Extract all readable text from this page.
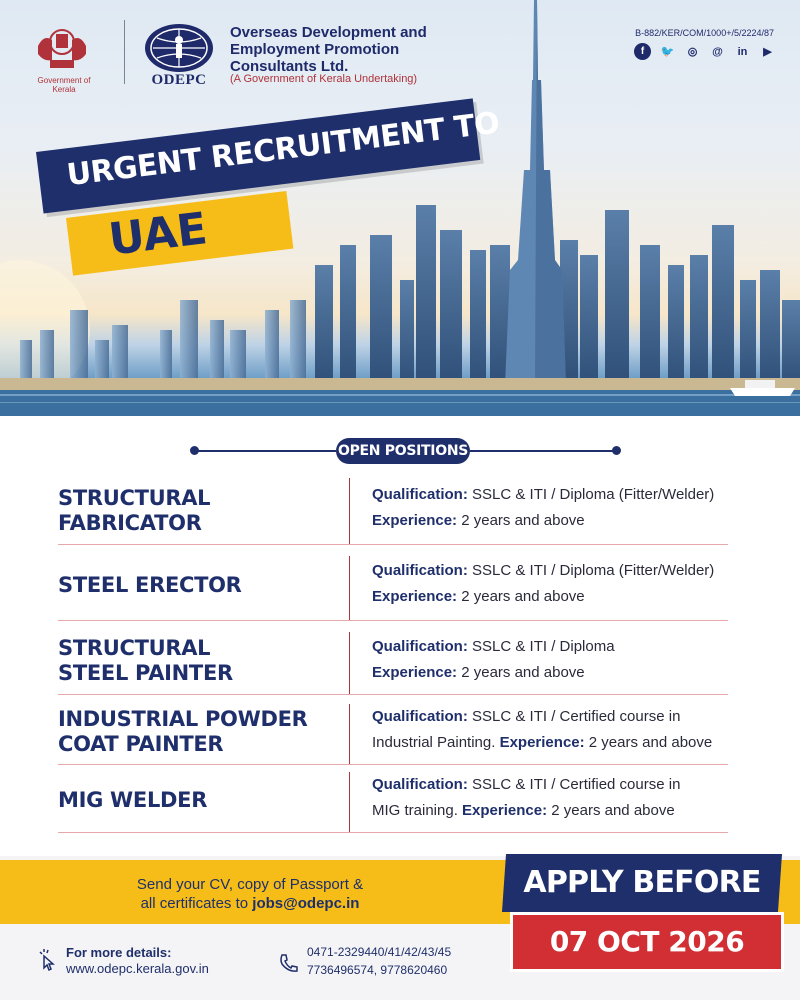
Government of Kerala
ODEPC
Overseas Development and Employment Promotion Consultants Ltd.
(A Government of Kerala Undertaking)
B-882/KER/COM/1000+/5/2224/87
f	🐦	◎	@	in	▶
URGENT RECRUITMENT TO
UAE
OPEN POSITIONS
STRUCTURAL
FABRICATOR
Qualification: SSLC & ITI / Diploma (Fitter/Welder)
Experience: 2 years and above
STEEL ERECTOR
Qualification: SSLC & ITI / Diploma (Fitter/Welder)
Experience: 2 years and above
STRUCTURAL
STEEL PAINTER
Qualification: SSLC & ITI / Diploma
Experience: 2 years and above
INDUSTRIAL POWDER
COAT PAINTER
Qualification: SSLC & ITI / Certified course in
Industrial Painting. Experience: 2 years and above
MIG WELDER
Qualification: SSLC & ITI / Certified course in
MIG training. Experience: 2 years and above
Send your CV, copy of Passport &
all certificates to jobs@odepc.in
APPLY BEFORE
07 OCT 2026
For more details:
www.odepc.kerala.gov.in
0471-2329440/41/42/43/45
7736496574, 9778620460
